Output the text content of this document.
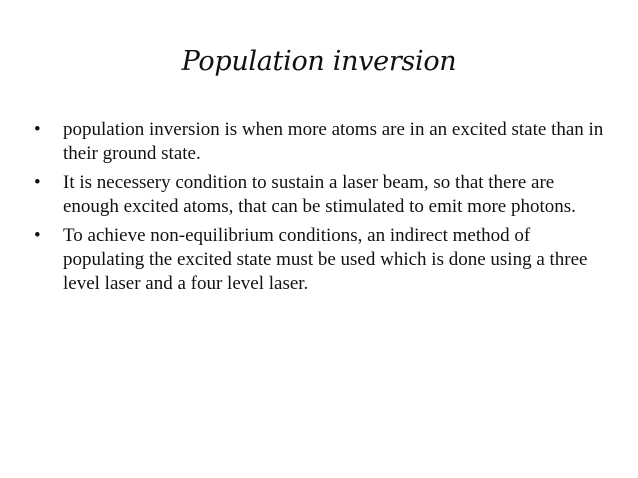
Population inversion
•	population inversion is when more atoms are in an excited state than in their ground state.
•	It is necessery condition to sustain a laser beam, so that there are enough excited atoms, that can be stimulated to emit more photons.
•	To achieve non-equilibrium conditions, an indirect method of populating the excited state must be used which is done using a three level laser and a four level laser.
